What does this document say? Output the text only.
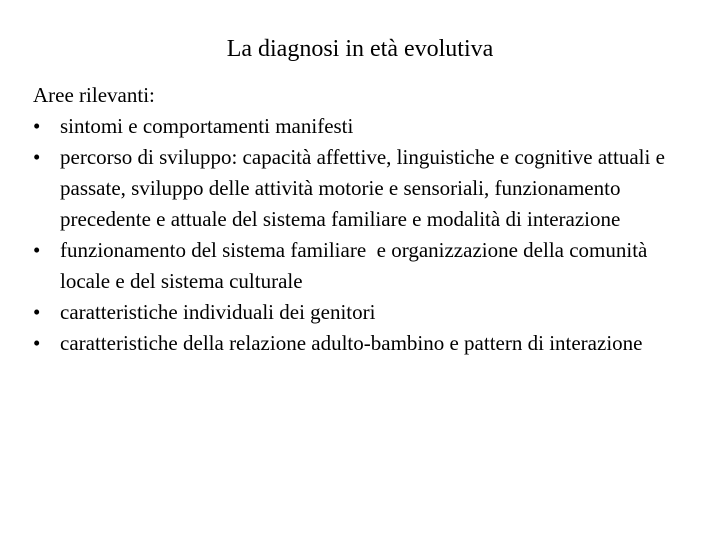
La diagnosi in età evolutiva

Aree rilevanti:

• sintomi e comportamenti manifesti
• percorso di sviluppo: capacità affettive, linguistiche e cognitive attuali e passate, sviluppo delle attività motorie e sensoriali, funzionamento precedente e attuale del sistema familiare e modalità di interazione
• funzionamento del sistema familiare  e organizzazione della comunità locale e del sistema culturale
• caratteristiche individuali dei genitori
• caratteristiche della relazione adulto-bambino e pattern di interazione
